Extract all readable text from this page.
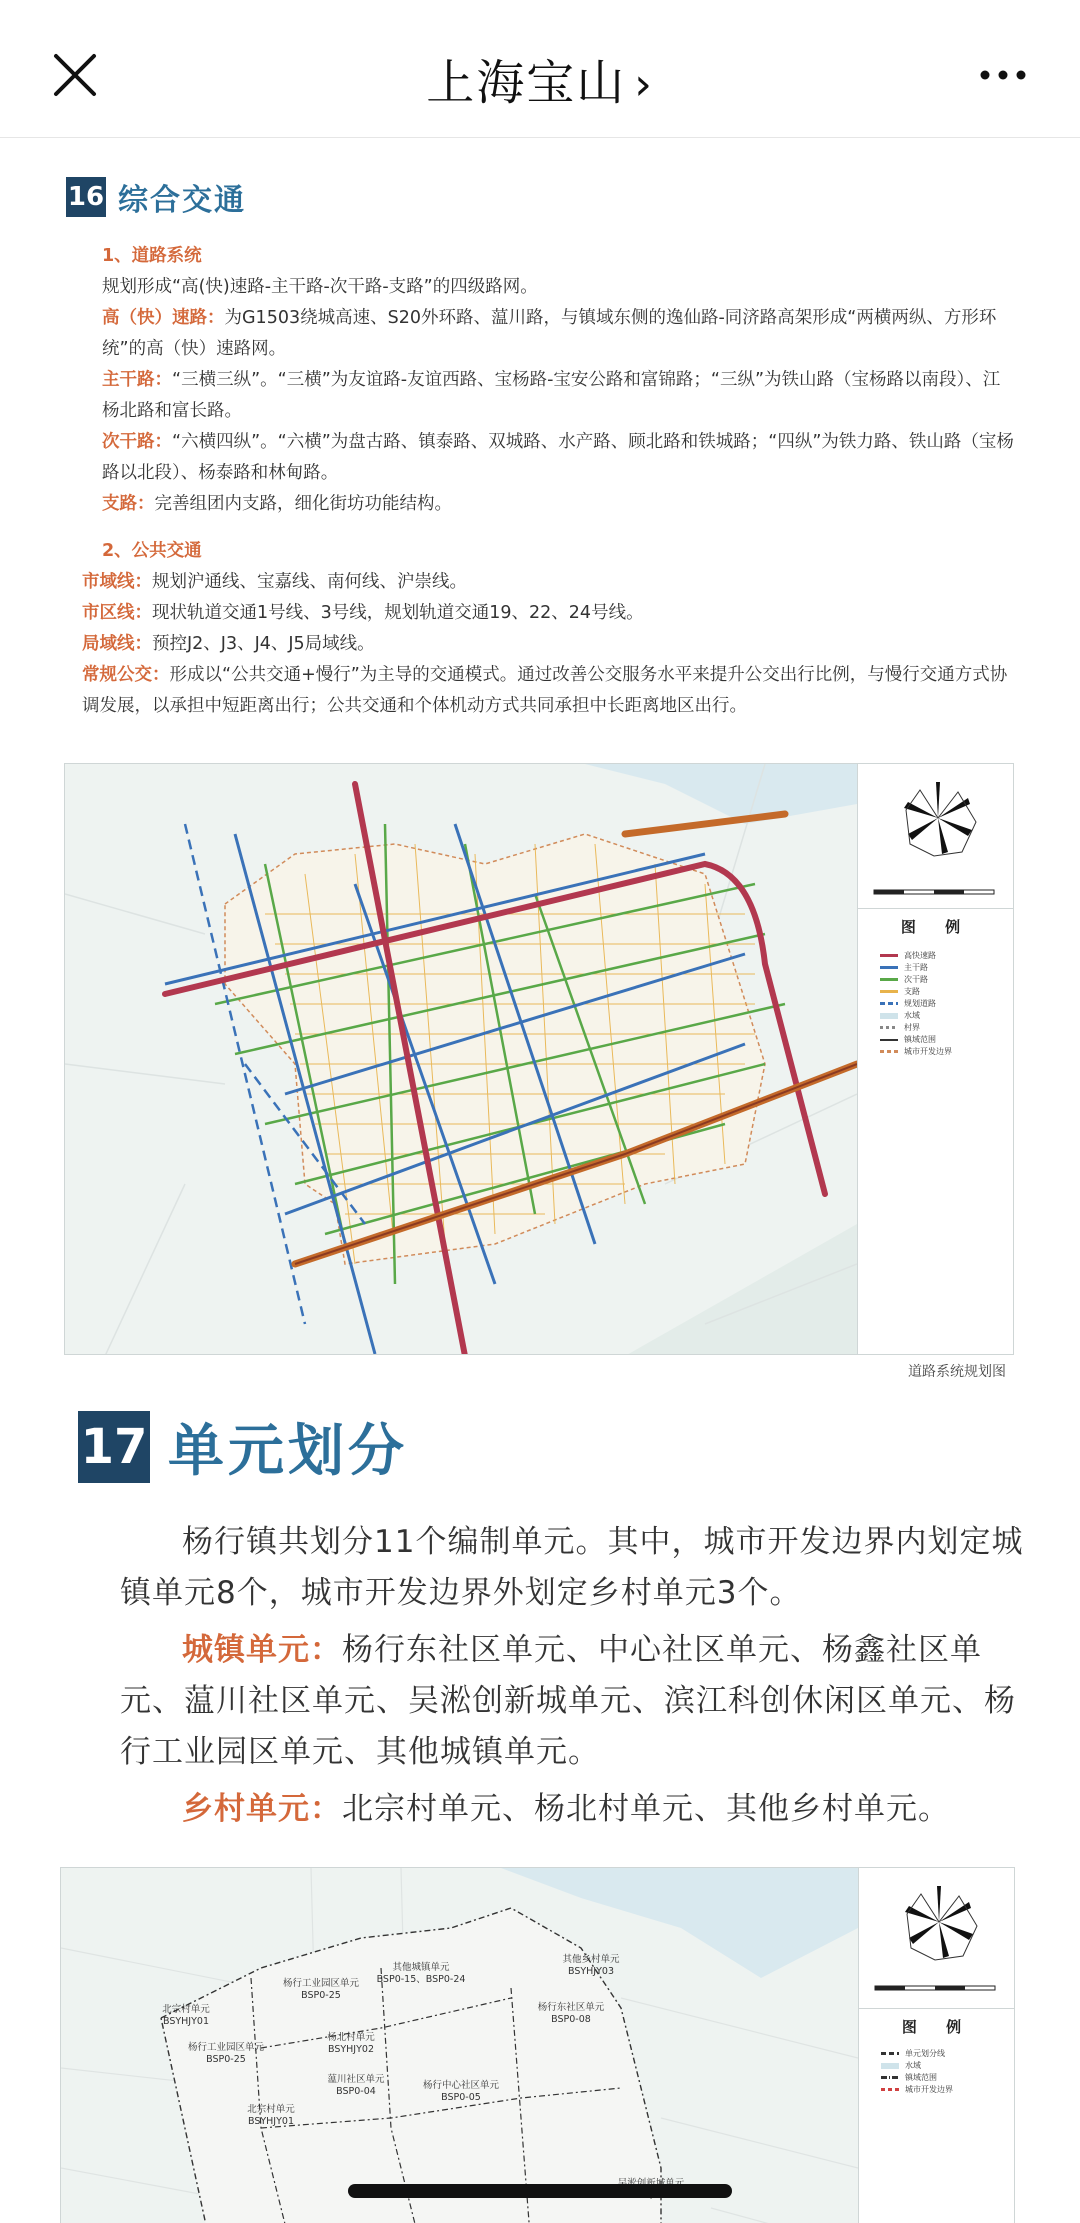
上海宝山 ›
16 综合交通

1、道路系统

规划形成“高(快)速路-主干路-次干路-支路”的四级路网。

高（快）速路：为G1503绕城高速、S20外环路、蕰川路，与镇域东侧的逸仙路-同济路高架形成“两横两纵、方形环统”的高（快）速路网。

主干路：“三横三纵”。“三横”为友谊路-友谊西路、宝杨路-宝安公路和富锦路；“三纵”为铁山路（宝杨路以南段）、江杨北路和富长路。

次干路：“六横四纵”。“六横”为盘古路、镇泰路、双城路、水产路、顾北路和铁城路；“四纵”为铁力路、铁山路（宝杨路以北段）、杨泰路和林甸路。

支路：完善组团内支路，细化街坊功能结构。

2、公共交通

市域线：规划沪通线、宝嘉线、南何线、沪崇线。

市区线：现状轨道交通1号线、3号线，规划轨道交通19、22、24号线。

局域线：预控J2、J3、J4、J5局域线。

常规公交：形成以“公共交通+慢行”为主导的交通模式。通过改善公交服务水平来提升公交出行比例，与慢行交通方式协调发展，以承担中短距离出行；公共交通和个体机动方式共同承担中长距离地区出行。

图 例
高快速路
主干路
次干路
支路
规划道路
水域
村界
镇域范围
城市开发边界
道路系统规划图
17 单元划分

杨行镇共划分11个编制单元。其中，城市开发边界内划定城镇单元8个，城市开发边界外划定乡村单元3个。

城镇单元：杨行东社区单元、中心社区单元、杨鑫社区单元、蕰川社区单元、吴淞创新城单元、滨江科创休闲区单元、杨行工业园区单元、其他城镇单元。

乡村单元：北宗村单元、杨北村单元、其他乡村单元。

其他乡村单元
BSYHJY03
其他城镇单元
BSP0-15、BSP0-24
杨行工业园区单元
BSP0-25
北宗村单元
BSYHJY01
杨行东社区单元
BSP0-08
杨行工业园区单元
BSP0-25
杨北村单元
BSYHJY02
蕰川社区单元
BSP0-04
杨行中心社区单元
BSP0-05
北宗村单元
BSYHJY01
图 例
单元划分线
水域
镇域范围
城市开发边界
